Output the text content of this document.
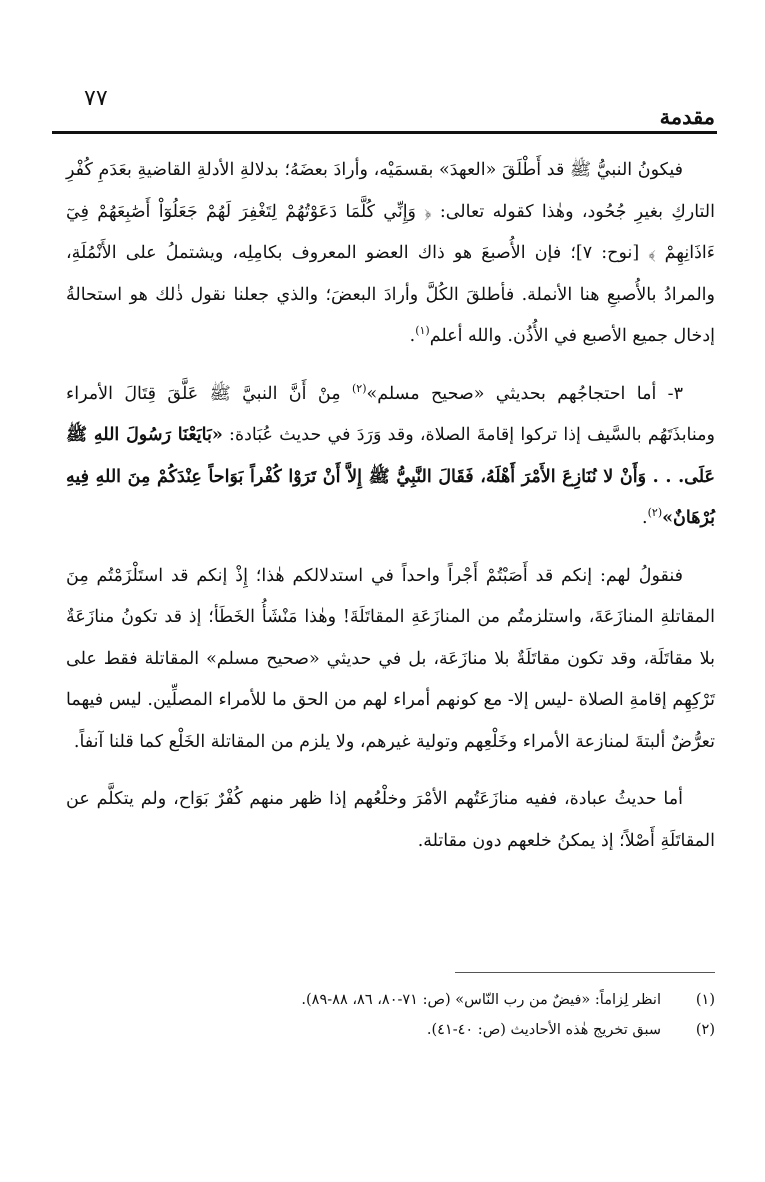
مقدمة
٧٧

فيكونُ النبيُّ ﷺ قد أَطْلَقَ «العهدَ» بقسمَيْه، وأرادَ بعضَهُ؛ بدلالةِ الأدلةِ القاضيةِ بعَدَمِ كُفْرِ التاركِ بغيرِ جُحُود، وهٰذا كقوله تعالى: ﴿ وَإِنِّي كُلَّمَا دَعَوْتُهُمْ لِتَغْفِرَ لَهُمْ جَعَلُوٓاْ أَصَٰبِعَهُمْ فِيٓ ءَاذَانِهِمْ ﴾ [نوح: ٧]؛ فإن الأُصبعَ هو ذاك العضو المعروف بكامِلِه، ويشتملُ على الأَنْمُلَةِ، والمرادُ بالأُصبعِ هنا الأنملة. فأطلقَ الكُلَّ وأرادَ البعضَ؛ والذي جعلنا نقول ذٰلك هو استحالةُ إدخال جميع الأصبع في الأُذُن. والله أعلم$^{(١)}$.

٣- أما احتجاجُهم بحديثي «صحيح مسلم»$^{(٢)}$ مِنْ أَنَّ النبيَّ ﷺ عَلَّقَ قِتَالَ الأمراء ومنابذَتَهُم بالسَّيف إذا تركوا إقامةَ الصلاة، وقد وَرَدَ في حديث عُبَادة: «بَايَعْنَا رَسُولَ اللهِ ﷺ عَلَى. . . وَأَنْ لا نُنَازِعَ الأَمْرَ أَهْلَهُ، فَقَالَ النَّبِيُّ ﷺ إِلاَّ أَنْ تَرَوْا كُفْراً بَوَاحاً عِنْدَكُمْ مِنَ اللهِ فِيهِ بُرْهَانٌ»$^{(٢)}$.

فنقولُ لهم: إنكم قد أَصَبْتُمْ أَجْراً واحداً في استدلالكم هٰذا؛ إِذْ إنكم قد استَلْزَمْتُم مِنَ المقاتلةِ المنازَعَةَ، واستلزمتُم من المنازَعَةِ المقاتَلَةَ! وهٰذا مَنْشَأُ الخَطَأ؛ إذ قد تكونُ منازَعَةٌ بلا مقاتَلَة، وقد تكون مقاتَلَةٌ بلا منازَعَة، بل في حديثي «صحيح مسلم» المقاتلة فقط على تَرْكِهِم إقامةِ الصلاة -ليس إلا- مع كونهم أمراء لهم من الحق ما للأمراء المصلِّين. ليس فيهما تعرُّضٌ ألبتةَ لمنازعة الأمراء وخَلْعِهم وتولية غيرهم، ولا يلزم من المقاتلة الخَلْع كما قلنا آنفاً.

أما حديثُ عبادة، ففيه منازَعَتُهم الأمْرَ وخلْعُهم إذا ظهر منهم كُفْرٌ بَوَاح، ولم يتكلَّم عن المقاتَلَةِ أَصْلاً؛ إذ يمكنُ خلعهم دون مقاتلة.

(١)
انظر لِزاماً: «فيضٌ من رب النّاس» (ص: ٧١-٨٠، ٨٦، ٨٨-٨٩).
(٢)
سبق تخريج هٰذه الأحاديث (ص: ٤٠-٤١).
